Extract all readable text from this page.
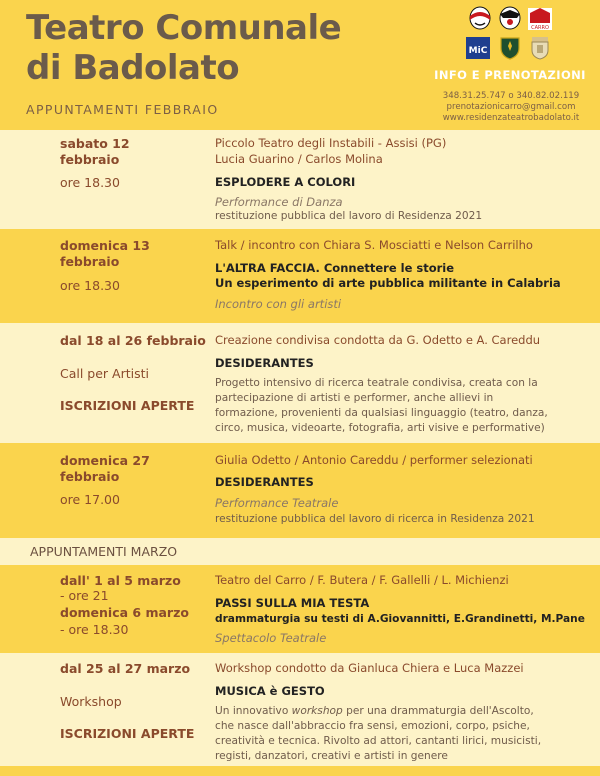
Teatro Comunale
di Badolato
APPUNTAMENTI FEBBRAIO
CARRO
MiC
INFO E PRENOTAZIONI
348.31.25.747 o 340.82.02.119
prenotazionicarro@gmail.com
www.residenzateatrobadolato.it
sabato 12
febbraio
ore 18.30
Piccolo Teatro degli Instabili - Assisi (PG)
Lucia Guarino / Carlos Molina
ESPLODERE A COLORI
Performance di Danza
restituzione pubblica del lavoro di Residenza 2021
domenica 13
febbraio
ore 18.30
Talk / incontro con Chiara S. Mosciatti e Nelson Carrilho
L'ALTRA FACCIA. Connettere le storie
Un esperimento di arte pubblica militante in Calabria
Incontro con gli artisti
dal 18 al 26 febbraio
Call per Artisti
ISCRIZIONI APERTE
Creazione condivisa condotta da G. Odetto e A. Careddu
DESIDERANTES
Progetto intensivo di ricerca teatrale condivisa, creata con la
partecipazione di artisti e performer, anche allievi in
formazione, provenienti da qualsiasi linguaggio (teatro, danza,
circo, musica, videoarte, fotografia, arti visive e performative)
domenica 27
febbraio
ore 17.00
Giulia Odetto / Antonio Careddu / performer selezionati
DESIDERANTES
Performance Teatrale
restituzione pubblica del lavoro di ricerca in Residenza 2021
APPUNTAMENTI MARZO
dall' 1 al 5 marzo
- ore 21
domenica 6 marzo
- ore 18.30
Teatro del Carro / F. Butera / F. Gallelli / L. Michienzi
PASSI SULLA MIA TESTA
drammaturgia su testi di A.Giovannitti, E.Grandinetti, M.Pane
Spettacolo Teatrale
dal 25 al 27 marzo
Workshop
ISCRIZIONI APERTE
Workshop condotto da Gianluca Chiera e Luca Mazzei
MUSICA è GESTO
Un innovativo workshop per una drammaturgia dell'Ascolto,
che nasce dall'abbraccio fra sensi, emozioni, corpo, psiche,
creatività e tecnica. Rivolto ad attori, cantanti lirici, musicisti,
registi, danzatori, creativi e artisti in genere
